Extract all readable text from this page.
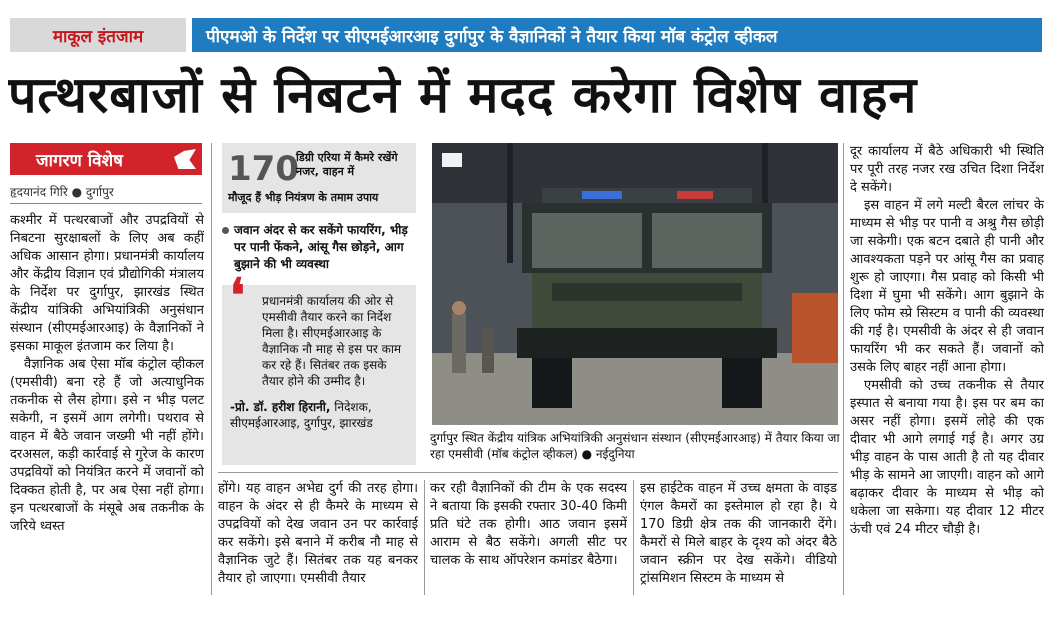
माकूल इंतजाम	पीएमओ के निर्देश पर सीएमईआरआइ दुर्गापुर के वैज्ञानिकों ने तैयार किया मॉब कंट्रोल व्हीकल
पत्थरबाजों से निबटने में मदद करेगा विशेष वाहन
जागरण विशेष
हृदयानंद गिरि ● दुर्गापुर

कश्मीर में पत्थरबाजों और उपद्रवियों से निबटना सुरक्षाबलों के लिए अब कहीं अधिक आसान होगा। प्रधानमंत्री कार्यालय और केंद्रीय विज्ञान एवं प्रौद्योगिकी मंत्रालय के निर्देश पर दुर्गापुर, झारखंड स्थित केंद्रीय यांत्रिकी अभियांत्रिकी अनुसंधान संस्थान (सीएमईआरआइ) के वैज्ञानिकों ने इसका माकूल इंतजाम कर लिया है।

वैज्ञानिक अब ऐसा मॉब कंट्रोल व्हीकल (एमसीवी) बना रहे हैं जो अत्याधुनिक तकनीक से लैस होगा। इसे न भीड़ पलट सकेगी, न इसमें आग लगेगी। पथराव से वाहन में बैठे जवान जख्मी भी नहीं होंगे। दरअसल, कड़ी कार्रवाई से गुरेज के कारण उपद्रवियों को नियंत्रित करने में जवानों को दिक्कत होती है, पर अब ऐसा नहीं होगा। इन पत्थरबाजों के मंसूबे अब तकनीक के जरिये ध्वस्त

170
डिग्री एरिया में कैमरे रखेंगे नजर, वाहन में
मौजूद हैं भीड़ नियंत्रण के तमाम उपाय
जवान अंदर से कर सकेंगे फायरिंग, भीड़ पर पानी फेंकने, आंसू गैस छोड़ने, आग बुझाने की भी व्यवस्था
❛ प्रधानमंत्री कार्यालय की ओर से एमसीवी तैयार करने का निर्देश मिला है। सीएमईआरआइ के वैज्ञानिक नौ माह से इस पर काम कर रहे हैं। सितंबर तक इसके तैयार होने की उम्मीद है।
-प्रो. डॉ. हरीश हिरानी, निदेशक, सीएमईआरआइ, दुर्गापुर, झारखंड
दुर्गापुर स्थित केंद्रीय यांत्रिक अभियांत्रिकी अनुसंधान संस्थान (सीएमईआरआइ) में तैयार किया जा रहा एमसीवी (मॉब कंट्रोल व्हीकल) ● नईदुनिया

होंगे। यह वाहन अभेद्य दुर्ग की तरह होगा। वाहन के अंदर से ही कैमरे के माध्यम से उपद्रवियों को देख जवान उन पर कार्रवाई कर सकेंगे। इसे बनाने में करीब नौ माह से वैज्ञानिक जुटे हैं। सितंबर तक यह बनकर तैयार हो जाएगा। एमसीवी तैयार

कर रही वैज्ञानिकों की टीम के एक सदस्य ने बताया कि इसकी रफ्तार 30-40 किमी प्रति घंटे तक होगी। आठ जवान इसमें आराम से बैठ सकेंगे। अगली सीट पर चालक के साथ ऑपरेशन कमांडर बैठेगा।

इस हाईटेक वाहन में उच्च क्षमता के वाइड एंगल कैमरों का इस्तेमाल हो रहा है। ये 170 डिग्री क्षेत्र तक की जानकारी देंगे। कैमरों से मिले बाहर के दृश्य को अंदर बैठे जवान स्क्रीन पर देख सकेंगे। वीडियो ट्रांसमिशन सिस्टम के माध्यम से

दूर कार्यालय में बैठे अधिकारी भी स्थिति पर पूरी तरह नजर रख उचित दिशा निर्देश दे सकेंगे।

इस वाहन में लगे मल्टी बैरल लांचर के माध्यम से भीड़ पर पानी व अश्रु गैस छोड़ी जा सकेगी। एक बटन दबाते ही पानी और आवश्यकता पड़ने पर आंसू गैस का प्रवाह शुरू हो जाएगा। गैस प्रवाह को किसी भी दिशा में घुमा भी सकेंगे। आग बुझाने के लिए फोम स्प्रे सिस्टम व पानी की व्यवस्था की गई है। एमसीवी के अंदर से ही जवान फायरिंग भी कर सकते हैं। जवानों को उसके लिए बाहर नहीं आना होगा।

एमसीवी को उच्च तकनीक से तैयार इस्पात से बनाया गया है। इस पर बम का असर नहीं होगा। इसमें लोहे की एक दीवार भी आगे लगाई गई है। अगर उग्र भीड़ वाहन के पास आती है तो यह दीवार भीड़ के सामने आ जाएगी। वाहन को आगे बढ़ाकर दीवार के माध्यम से भीड़ को धकेला जा सकेगा। यह दीवार 12 मीटर ऊंची एवं 24 मीटर चौड़ी है।
